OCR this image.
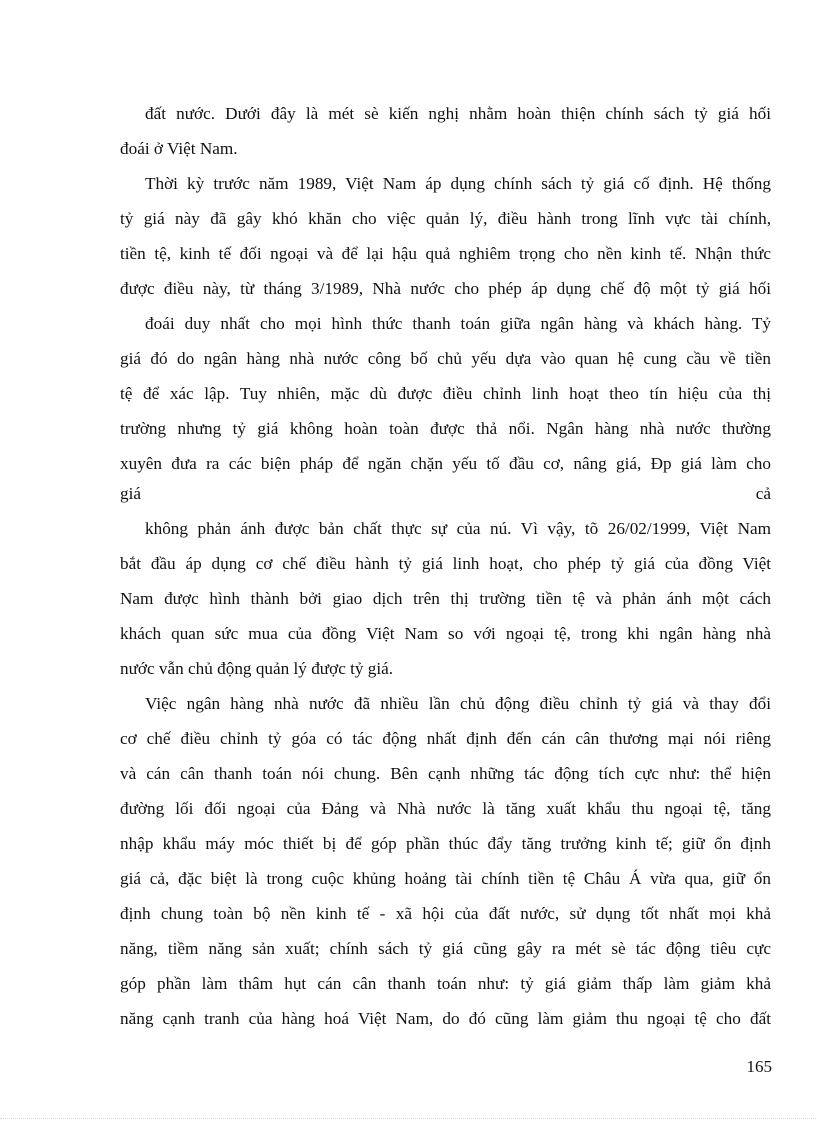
đất nước. Dưới đây là mét sè kiến nghị nhằm hoàn thiện chính sách tỷ giá hối
đoái ở Việt Nam.
Thời kỳ trước năm 1989, Việt Nam áp dụng chính sách tỷ giá cố định. Hệ thống
tỷ giá này đã gây khó khăn cho việc quản lý, điều hành trong lĩnh vực tài chính,
tiền tệ, kinh tế đối ngoại và để lại hậu quả nghiêm trọng cho nền kinh tế. Nhận thức
được điều này, từ tháng 3/1989, Nhà nước cho phép áp dụng chế độ một tỷ giá hối
đoái duy nhất cho mọi hình thức thanh toán giữa ngân hàng và khách hàng. Tỷ
giá đó do ngân hàng nhà nước công bố chủ yếu dựa vào quan hệ cung cầu về tiền
tệ để xác lập. Tuy nhiên, mặc dù được điều chỉnh linh hoạt theo tín hiệu của thị
trường nhưng tỷ giá không hoàn toàn được thả nổi. Ngân hàng nhà nước thường
xuyên đưa ra các biện pháp để ngăn chặn yếu tố đầu cơ, nâng giá, Đp giá làm cho
giá	cả
không phản ánh được bản chất thực sự của nú. Vì vậy, tõ 26/02/1999, Việt Nam
bắt đầu áp dụng cơ chế điều hành tỷ giá linh hoạt, cho phép tỷ giá của đồng Việt
Nam được hình thành bởi giao dịch trên thị trường tiền tệ và phản ánh một cách
khách quan sức mua của đồng Việt Nam so với ngoại tệ, trong khi ngân hàng nhà
nước vẫn chủ động quản lý được tỷ giá.
Việc ngân hàng nhà nước đã nhiều lần chủ động điều chỉnh tỷ giá và thay đổi
cơ chế điều chỉnh tỷ góa có tác động nhất định đến cán cân thương mại nói riêng
và cán cân thanh toán nói chung. Bên cạnh những tác động tích cực như: thể hiện
đường lối đối ngoại của Đảng và Nhà nước là tăng xuất khẩu thu ngoại tệ, tăng
nhập khẩu máy móc thiết bị để góp phần thúc đẩy tăng trưởng kinh tế; giữ ổn định
giá cả, đặc biệt là trong cuộc khủng hoảng tài chính tiền tệ Châu Á vừa qua, giữ ổn
định chung toàn bộ nền kinh tế - xã hội của đất nước, sử dụng tốt nhất mọi khả
năng, tiềm năng sản xuất; chính sách tỷ giá cũng gây ra mét sè tác động tiêu cực
góp phần làm thâm hụt cán cân thanh toán như: tỷ giá giảm thấp làm giảm khả
năng cạnh tranh của hàng hoá Việt Nam, do đó cũng làm giảm thu ngoại tệ cho đất
165
